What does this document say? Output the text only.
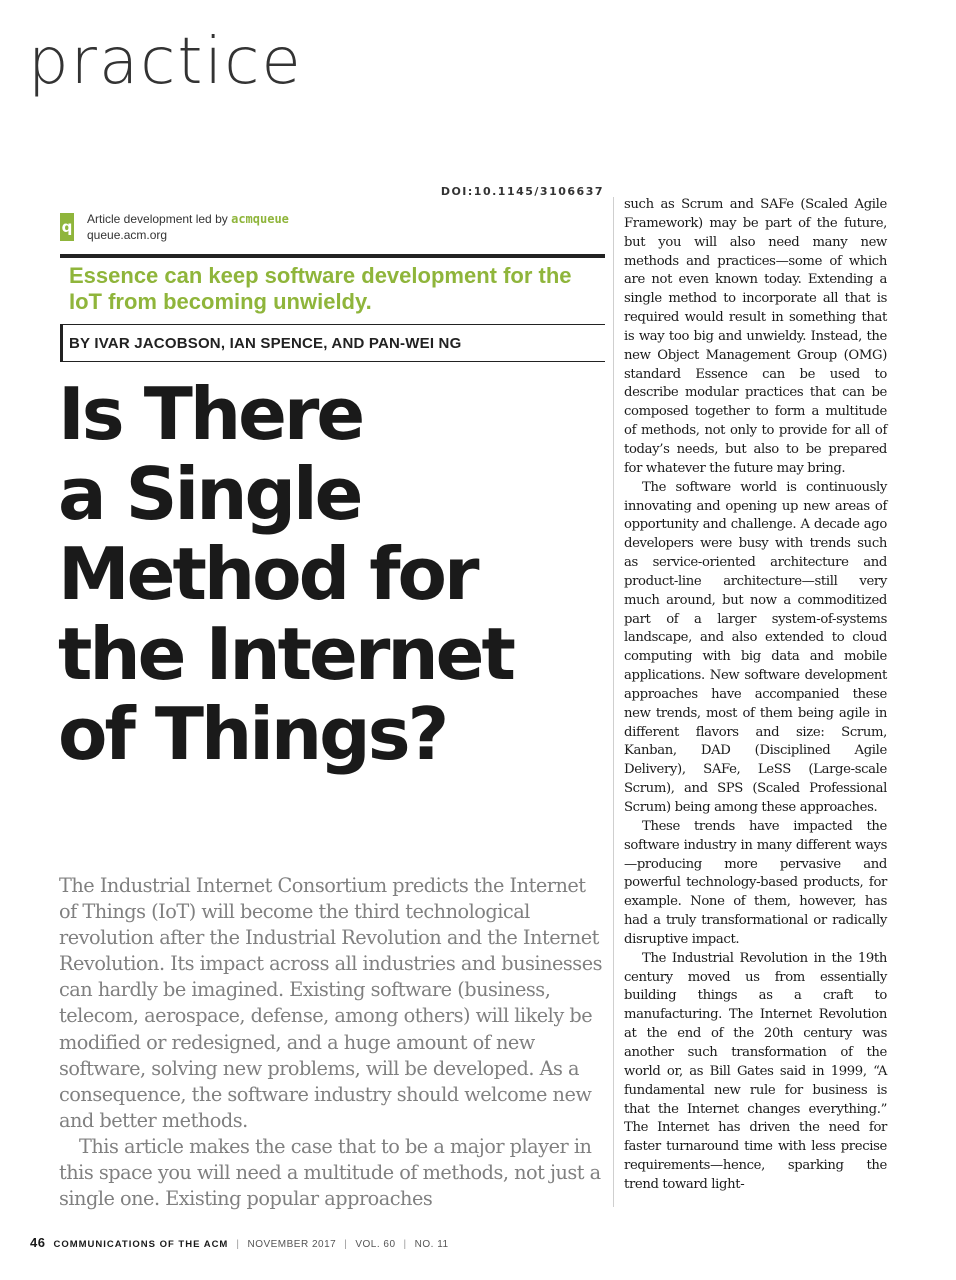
practice
DOI:10.1145/3106637
q Article development led by acmqueue
queue.acm.org
Essence can keep software development for the IoT from becoming unwieldy.
BY IVAR JACOBSON, IAN SPENCE, AND PAN-WEI NG
Is There
a Single
Method for
the Internet
of Things?

The Industrial Internet Consortium predicts the Internet of Things (IoT) will become the third technological revolution after the Industrial Revolution and the Internet Revolution. Its impact across all industries and businesses can hardly be imagined. Existing software (business, telecom, aerospace, defense, among others) will likely be modified or redesigned, and a huge amount of new software, solving new problems, will be developed. As a consequence, the software industry should welcome new and better methods.

This article makes the case that to be a major player in this space you will need a multitude of methods, not just a single one. Existing popular approaches

such as Scrum and SAFe (Scaled Agile Framework) may be part of the future, but you will also need many new methods and practices—some of which are not even known today. Extending a single method to incorporate all that is required would result in something that is way too big and unwieldy. Instead, the new Object Management Group (OMG) standard Essence can be used to describe modular practices that can be composed together to form a multitude of methods, not only to provide for all of today’s needs, but also to be prepared for whatever the future may bring.

The software world is continuously innovating and opening up new areas of opportunity and challenge. A decade ago developers were busy with trends such as service-oriented architecture and product-line architecture—still very much around, but now a commoditized part of a larger system-of-systems landscape, and also extended to cloud computing with big data and mobile applications. New software development approaches have accompanied these new trends, most of them being agile in different flavors and size: Scrum, Kanban, DAD (Disciplined Agile Delivery), SAFe, LeSS (Large-scale Scrum), and SPS (Scaled Professional Scrum) being among these approaches.

These trends have impacted the software industry in many different ways—producing more pervasive and powerful technology-based products, for example. None of them, however, has had a truly transformational or radically disruptive impact.

The Industrial Revolution in the 19th century moved us from essentially building things as a craft to manufacturing. The Internet Revolution at the end of the 20th century was another such transformation of the world or, as Bill Gates said in 1999, “A fundamental new rule for business is that the Internet changes everything.” The Internet has driven the need for faster turnaround time with less precise requirements—hence, sparking the trend toward light-

46 COMMUNICATIONS OF THE ACM | NOVEMBER 2017 | VOL. 60 | NO. 11
